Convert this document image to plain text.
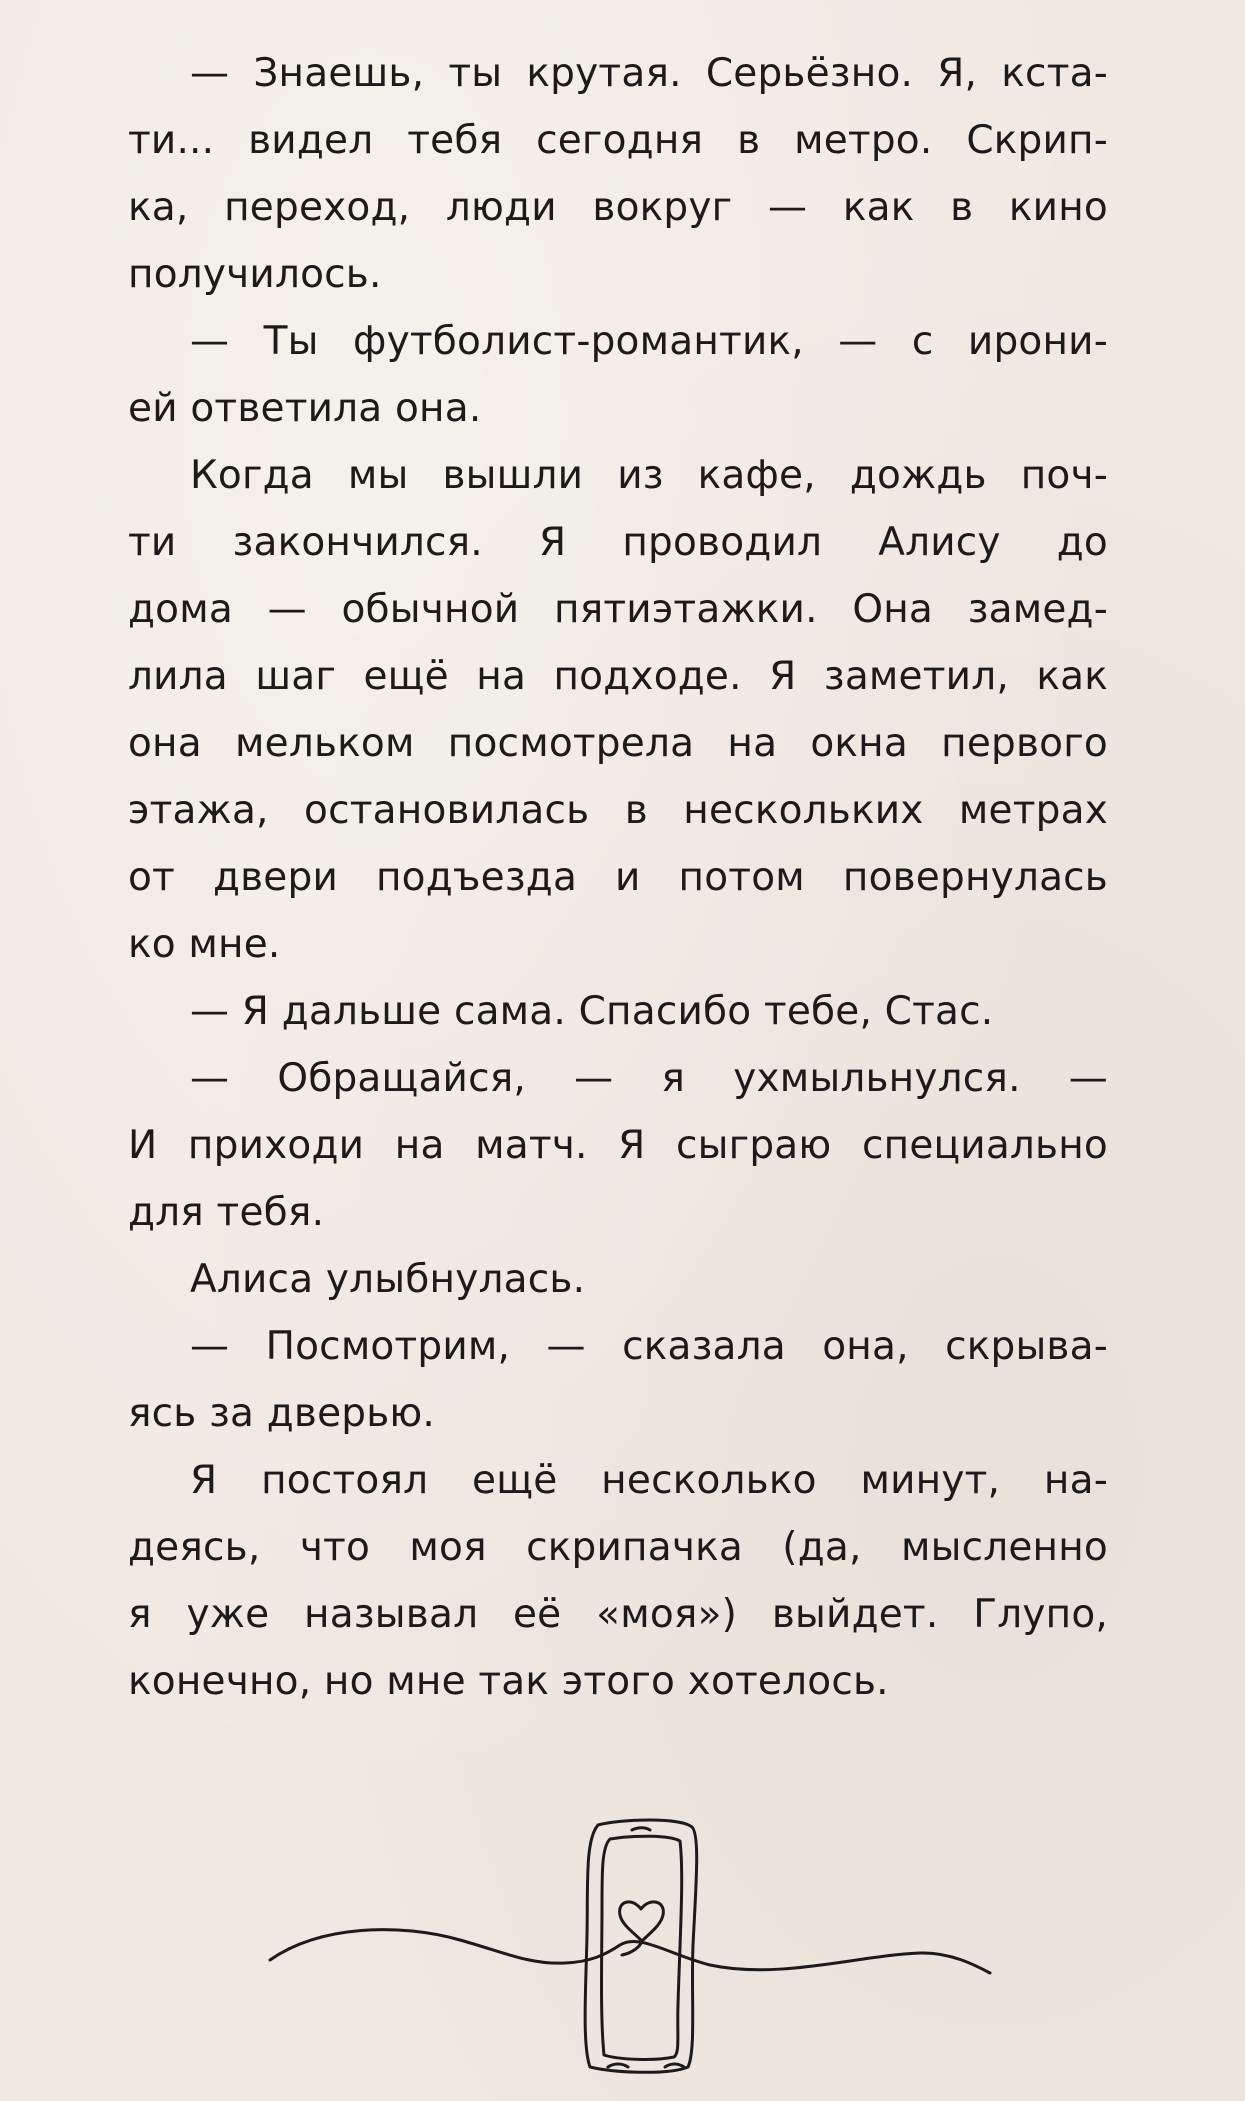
— Знаешь, ты крутая. Серьёзно. Я, кста-
ти... видел тебя сегодня в метро. Скрип-
ка, переход, люди вокруг — как в кино
получилось.
— Ты футболист-романтик, — с ирони-
ей ответила она.
Когда мы вышли из кафе, дождь поч-
ти закончился. Я проводил Алису до
дома — обычной пятиэтажки. Она замед-
лила шаг ещё на подходе. Я заметил, как
она мельком посмотрела на окна первого
этажа, остановилась в нескольких метрах
от двери подъезда и потом повернулась
ко мне.
— Я дальше сама. Спасибо тебе, Стас.
— Обращайся, — я ухмыльнулся. —
И приходи на матч. Я сыграю специально
для тебя.
Алиса улыбнулась.
— Посмотрим, — сказала она, скрыва-
ясь за дверью.
Я постоял ещё несколько минут, на-
деясь, что моя скрипачка (да, мысленно
я уже называл её «моя») выйдет. Глупо,
конечно, но мне так этого хотелось.
